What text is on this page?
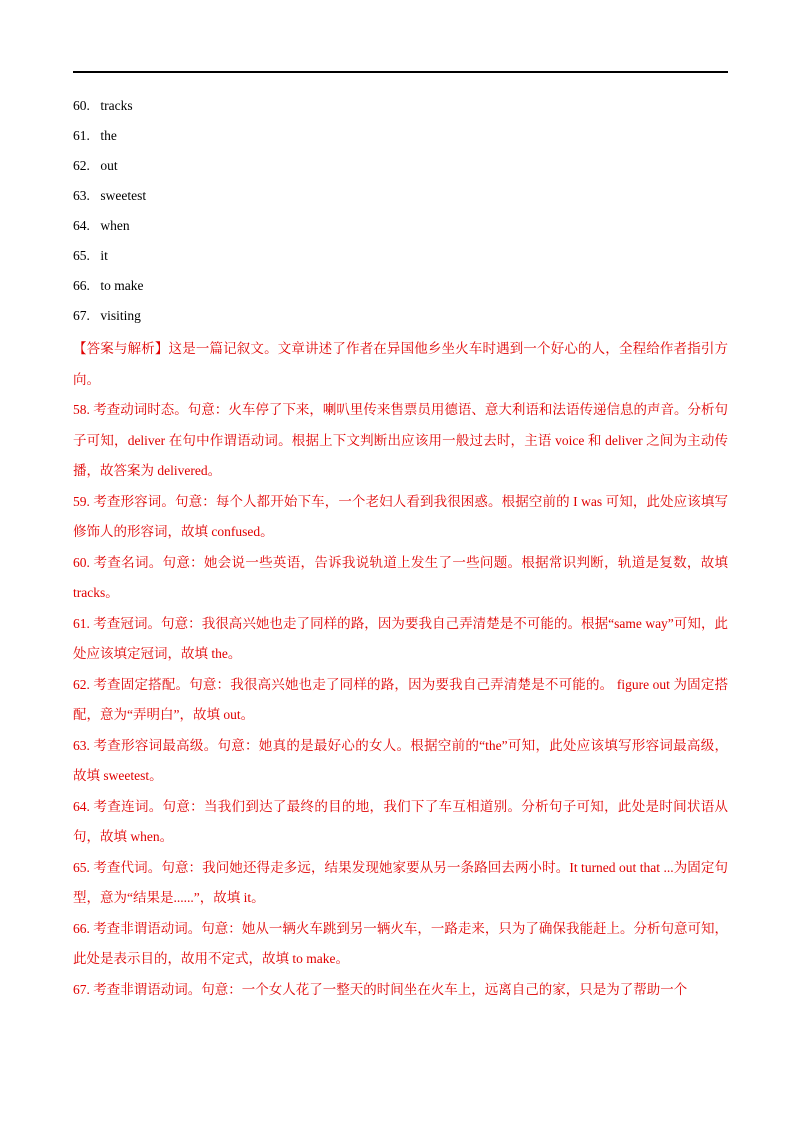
60. tracks
61. the
62. out
63. sweetest
64. when
65. it
66. to make
67. visiting

【答案与解析】这是一篇记叙文。文章讲述了作者在异国他乡坐火车时遇到一个好心的人，全程给作者指引方向。

58. 考查动词时态。句意：火车停了下来，喇叭里传来售票员用德语、意大利语和法语传递信息的声音。分析句子可知，deliver 在句中作谓语动词。根据上下文判断出应该用一般过去时，主语 voice 和 deliver 之间为主动传播，故答案为 delivered。

59. 考查形容词。句意：每个人都开始下车，一个老妇人看到我很困惑。根据空前的 I was 可知，此处应该填写修饰人的形容词，故填 confused。

60. 考查名词。句意：她会说一些英语，告诉我说轨道上发生了一些问题。根据常识判断，轨道是复数，故填 tracks。

61. 考查冠词。句意：我很高兴她也走了同样的路，因为要我自己弄清楚是不可能的。根据“same way”可知，此处应该填定冠词，故填 the。

62. 考查固定搭配。句意：我很高兴她也走了同样的路，因为要我自己弄清楚是不可能的。 figure out 为固定搭配，意为“弄明白”，故填 out。

63. 考查形容词最高级。句意：她真的是最好心的女人。根据空前的“the”可知，此处应该填写形容词最高级，故填 sweetest。

64. 考查连词。句意：当我们到达了最终的目的地，我们下了车互相道别。分析句子可知，此处是时间状语从句，故填 when。

65. 考查代词。句意：我问她还得走多远，结果发现她家要从另一条路回去两小时。It turned out that ...为固定句型，意为“结果是......”，故填 it。

66. 考查非谓语动词。句意：她从一辆火车跳到另一辆火车，一路走来，只为了确保我能赶上。分析句意可知，此处是表示目的，故用不定式，故填 to make。

67. 考查非谓语动词。句意：一个女人花了一整天的时间坐在火车上，远离自己的家，只是为了帮助一个
